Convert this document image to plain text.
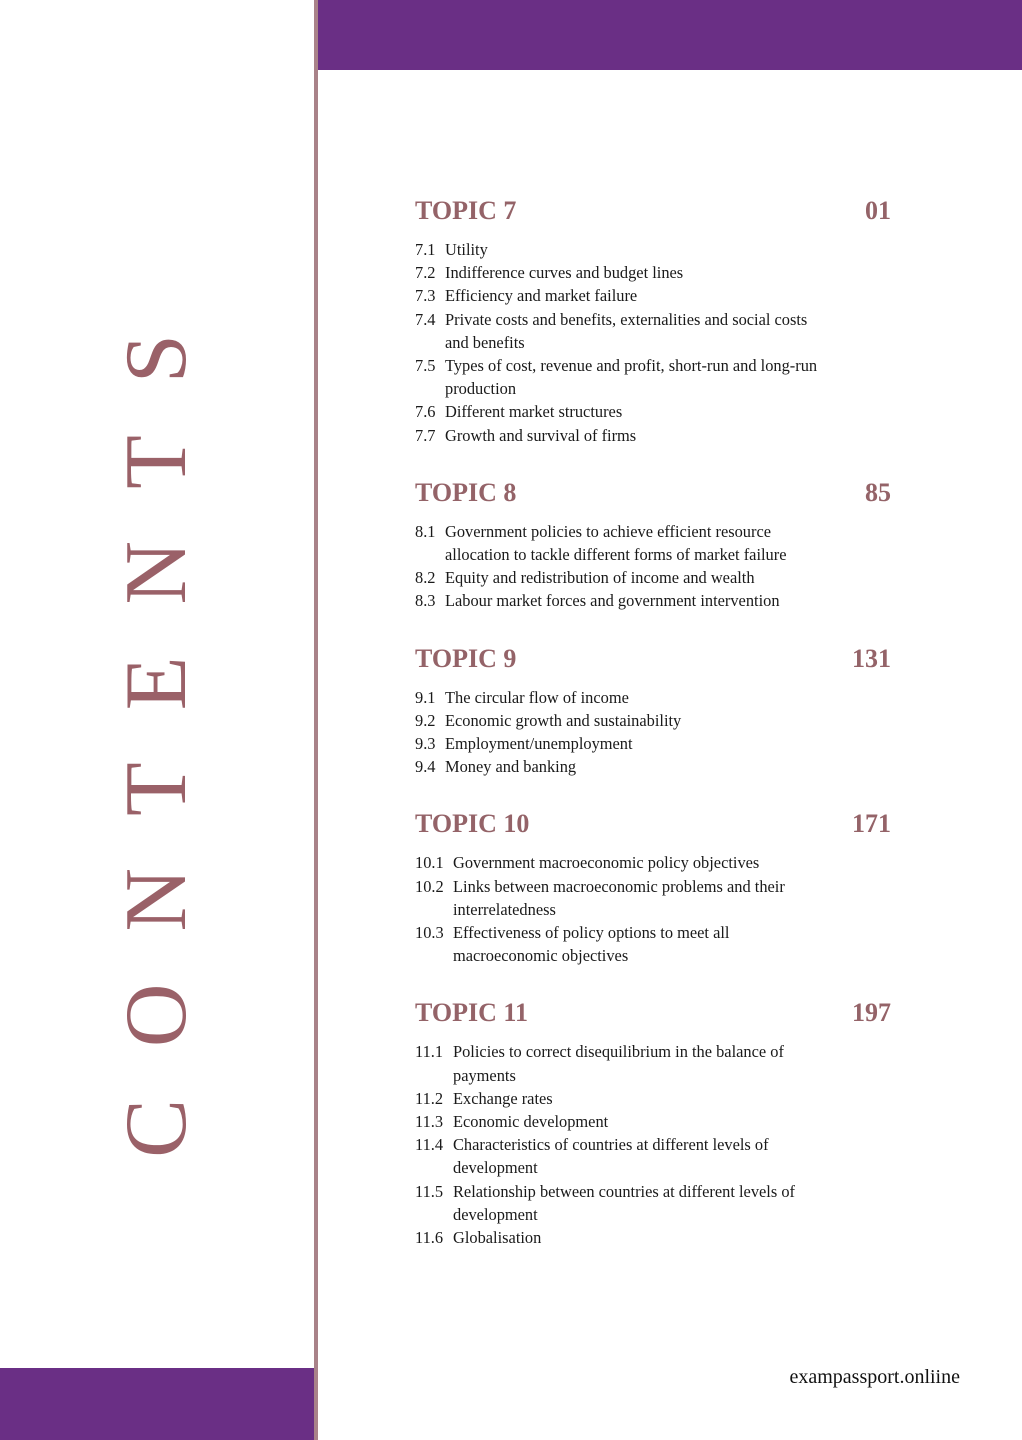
CONTENTS
TOPIC 7	01
7.1 Utility
7.2 Indifference curves and budget lines
7.3 Efficiency and market failure
7.4 Private costs and benefits, externalities and social costs and benefits
7.5 Types of cost, revenue and profit, short-run and long-run production
7.6 Different market structures
7.7 Growth and survival of firms
TOPIC 8	85
8.1 Government policies to achieve efficient resource allocation to tackle different forms of market failure
8.2 Equity and redistribution of income and wealth
8.3 Labour market forces and government intervention
TOPIC 9	131
9.1 The circular flow of income
9.2 Economic growth and sustainability
9.3 Employment/unemployment
9.4 Money and banking
TOPIC 10	171
10.1 Government macroeconomic policy objectives
10.2 Links between macroeconomic problems and their interrelatedness
10.3 Effectiveness of policy options to meet all macroeconomic objectives
TOPIC 11	197
11.1 Policies to correct disequilibrium in the balance of payments
11.2 Exchange rates
11.3 Economic development
11.4 Characteristics of countries at different levels of development
11.5 Relationship between countries at different levels of development
11.6 Globalisation
exampassport.onliine
